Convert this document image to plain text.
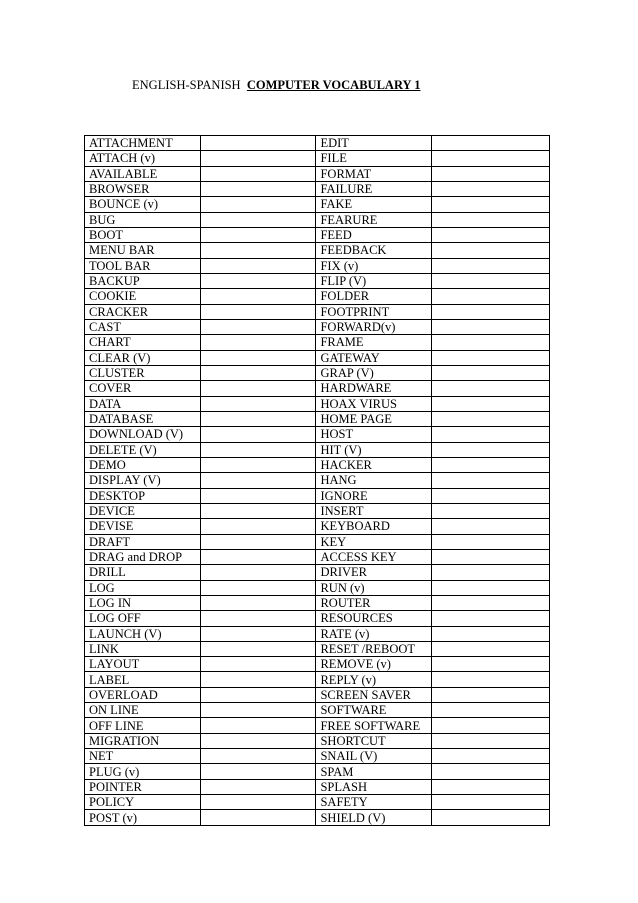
ENGLISH-SPANISH COMPUTER VOCABULARY 1
ATTACHMENT		EDIT	
ATTACH (v)		FILE	
AVAILABLE		FORMAT	
BROWSER		FAILURE	
BOUNCE (v)		FAKE	
BUG		FEARURE	
BOOT		FEED	
MENU BAR		FEEDBACK	
TOOL BAR		FIX (v)	
BACKUP		FLIP (V)	
COOKIE		FOLDER	
CRACKER		FOOTPRINT	
CAST		FORWARD(v)	
CHART		FRAME	
CLEAR (V)		GATEWAY	
CLUSTER		GRAP (V)	
COVER		HARDWARE	
DATA		HOAX VIRUS	
DATABASE		HOME PAGE	
DOWNLOAD (V)		HOST	
DELETE (V)		HIT (V)	
DEMO		HACKER	
DISPLAY (V)		HANG	
DESKTOP		IGNORE	
DEVICE		INSERT	
DEVISE		KEYBOARD	
DRAFT		KEY	
DRAG and DROP		ACCESS KEY	
DRILL		DRIVER	
LOG		RUN (v)	
LOG IN		ROUTER	
LOG OFF		RESOURCES	
LAUNCH (V)		RATE (v)	
LINK		RESET /REBOOT	
LAYOUT		REMOVE (v)	
LABEL		REPLY (v)	
OVERLOAD		SCREEN SAVER	
ON LINE		SOFTWARE	
OFF LINE		FREE SOFTWARE	
MIGRATION		SHORTCUT	
NET		SNAIL (V)	
PLUG (v)		SPAM	
POINTER		SPLASH	
POLICY		SAFETY	
POST (v)		SHIELD (V)	
